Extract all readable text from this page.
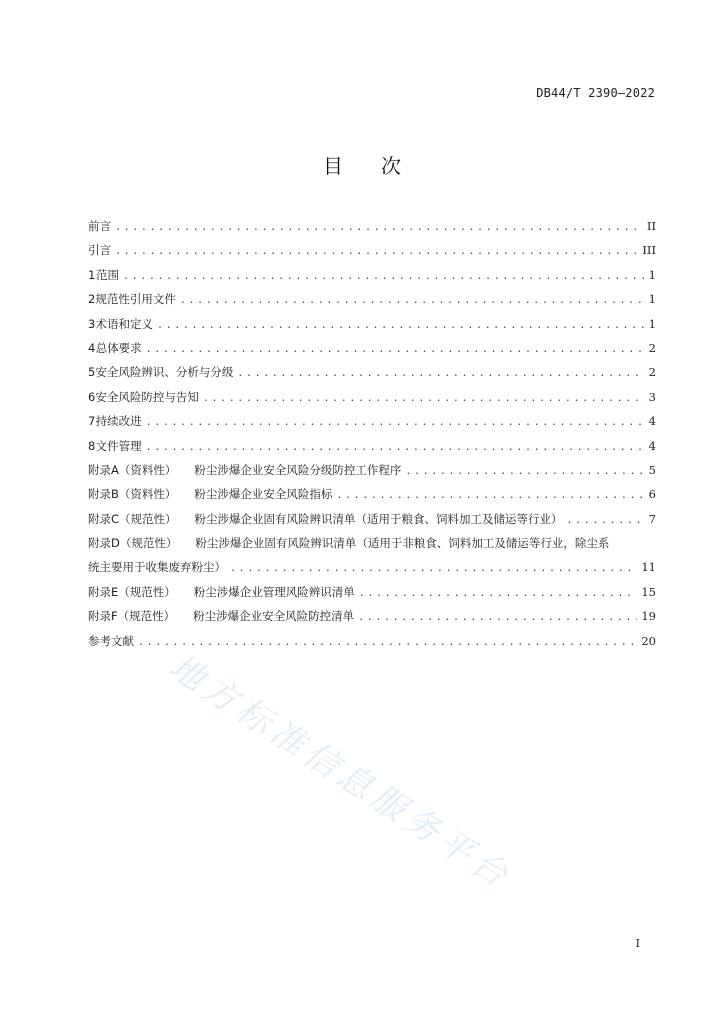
DB44/T 2390—2022
目 次
前言 .....	II
引言 .....	III
1 范围 .....	1
2 规范性引用文件 .....	1
3 术语和定义 .....	1
4 总体要求 .....	2
5 安全风险辨识、分析与分级 .....	2
6 安全风险防控与告知 .....	3
7 持续改进 .....	4
8 文件管理 .....	4
附录A（资料性） 粉尘涉爆企业安全风险分级防控工作程序 .....	5
附录B（资料性） 粉尘涉爆企业安全风险指标 .....	6
附录C（规范性） 粉尘涉爆企业固有风险辨识清单（适用于粮食、饲料加工及储运等行业） .....	7
附录D（规范性） 粉尘涉爆企业固有风险辨识清单（适用于非粮食、饲料加工及储运等行业，除尘系
统主要用于收集废弃粉尘） .....	11
附录E（规范性） 粉尘涉爆企业管理风险辨识清单 .....	15
附录F（规范性） 粉尘涉爆企业安全风险防控清单 .....	19
参考文献 .....	20
地方标准信息服务平台
I
